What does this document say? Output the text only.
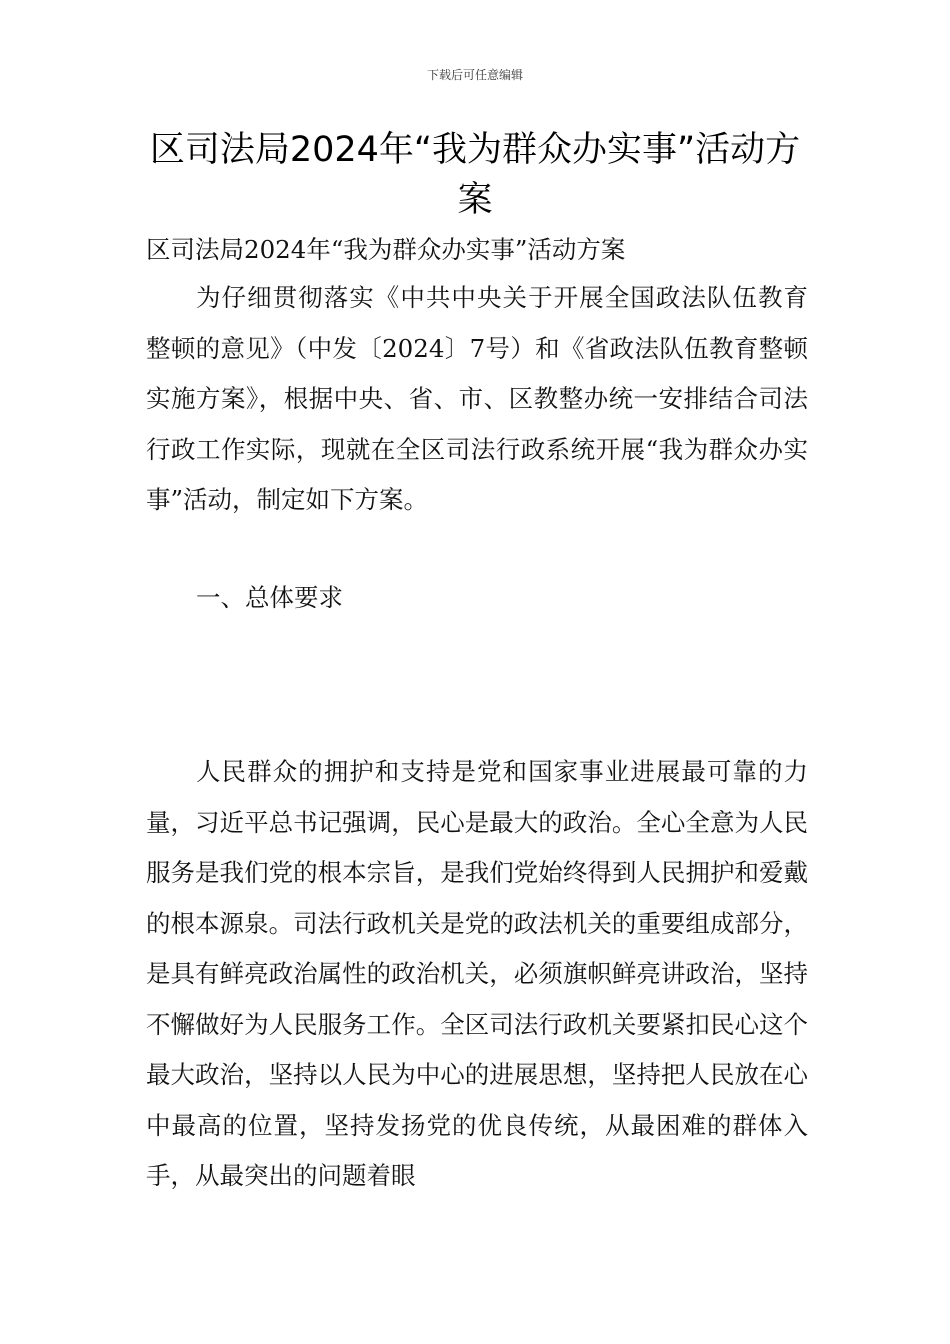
下载后可任意编辑
区司法局2024年“我为群众办实事”活动方案

区司法局2024年“我为群众办实事”活动方案

为仔细贯彻落实《中共中央关于开展全国政法队伍教育整顿的意见》（中发〔2024〕7号）和《省政法队伍教育整顿实施方案》，根据中央、省、市、区教整办统一安排结合司法行政工作实际，现就在全区司法行政系统开展“我为群众办实事”活动，制定如下方案。

一、总体要求

人民群众的拥护和支持是党和国家事业进展最可靠的力量，习近平总书记强调，民心是最大的政治。全心全意为人民服务是我们党的根本宗旨，是我们党始终得到人民拥护和爱戴的根本源泉。司法行政机关是党的政法机关的重要组成部分，是具有鲜亮政治属性的政治机关，必须旗帜鲜亮讲政治，坚持不懈做好为人民服务工作。全区司法行政机关要紧扣民心这个最大政治，坚持以人民为中心的进展思想，坚持把人民放在心中最高的位置，坚持发扬党的优良传统，从最困难的群体入手，从最突出的问题着眼
